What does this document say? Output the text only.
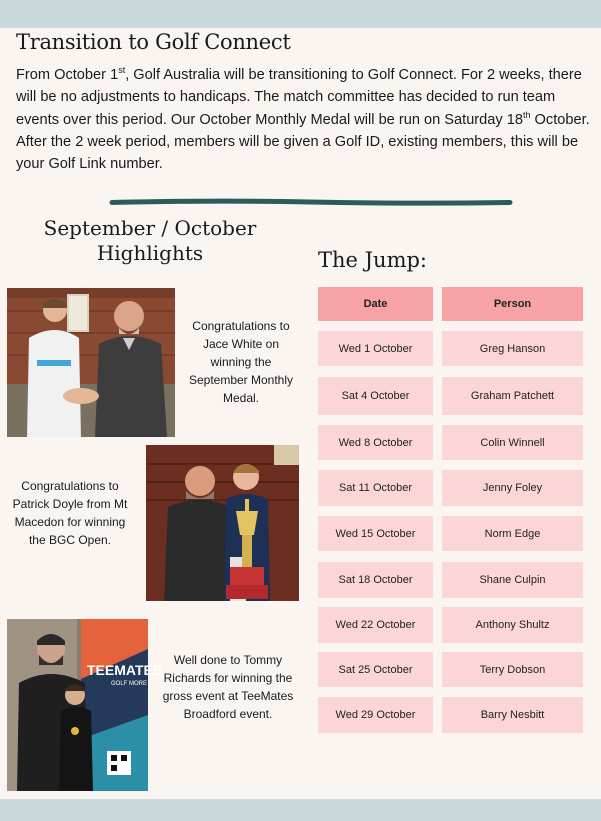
Transition to Golf Connect
From October 1st, Golf Australia will be transitioning to Golf Connect. For 2 weeks, there will be no adjustments to handicaps. The match committee has decided to run team events over this period. Our October Monthly Medal will be run on Saturday 18th October. After the 2 week period, members will be given a Golf ID, existing members, this will be your Golf Link number.
September / October Highlights
Congratulations to Jace White on winning the September Monthly Medal.
Congratulations to Patrick Doyle from Mt Macedon for winning the BGC Open.
TEEMATES
GOLF MORE
Well done to Tommy Richards for winning the gross event at TeeMates Broadford event.
The Jump:
Date	Person
Wed 1 October	Greg Hanson
Sat 4 October	Graham Patchett
Wed 8 October	Colin Winnell
Sat 11 October	Jenny Foley
Wed 15 October	Norm Edge
Sat 18 October	Shane Culpin
Wed 22 October	Anthony Shultz
Sat 25 October	Terry Dobson
Wed 29 October	Barry Nesbitt
